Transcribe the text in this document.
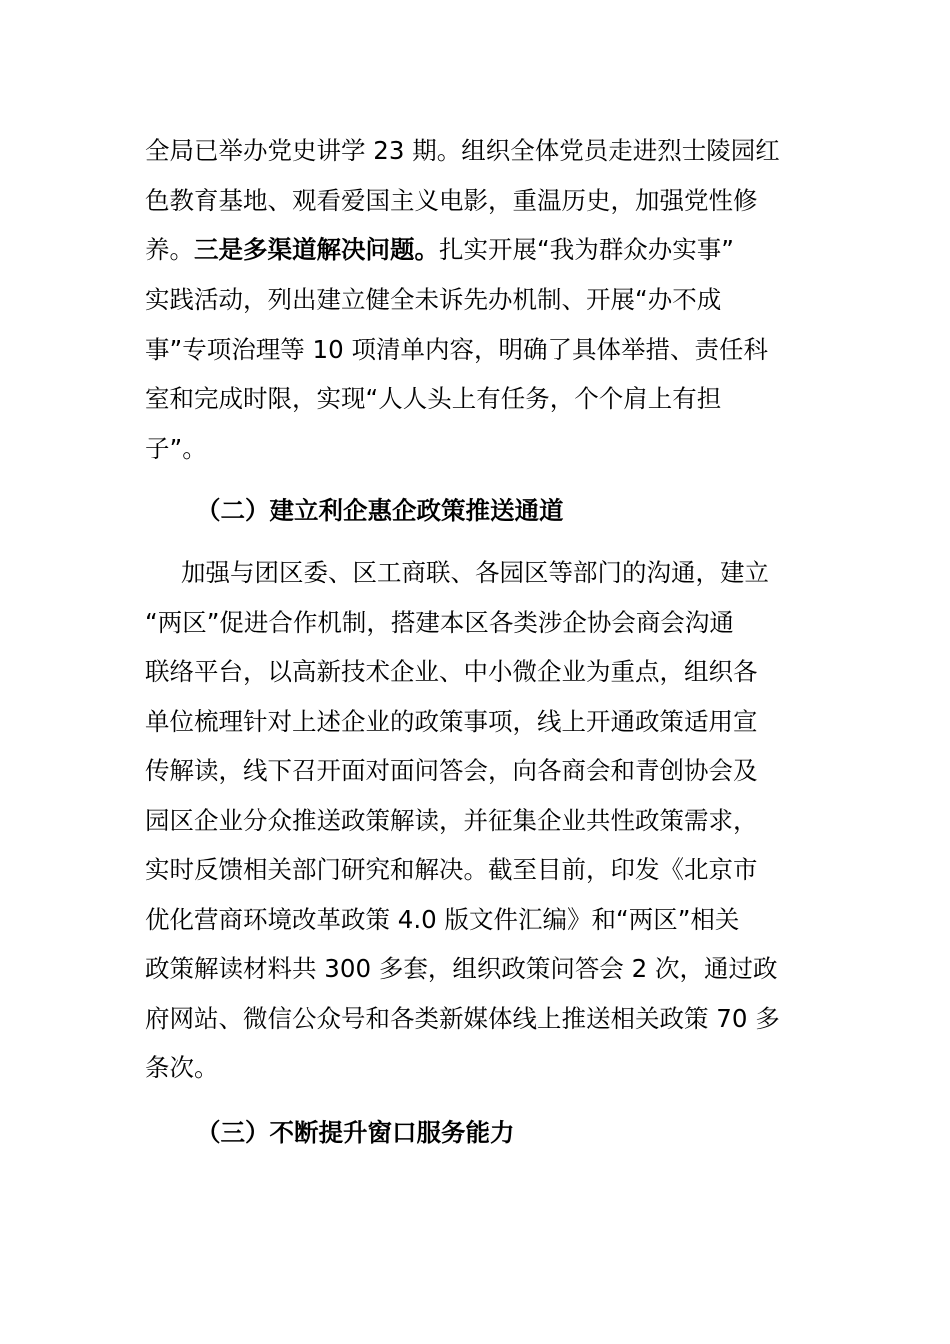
全局已举办党史讲学 23 期。组织全体党员走进烈士陵园红
色教育基地、观看爱国主义电影，重温历史，加强党性修
养。三是多渠道解决问题。扎实开展“我为群众办实事”
实践活动，列出建立健全未诉先办机制、开展“办不成
事”专项治理等 10 项清单内容，明确了具体举措、责任科
室和完成时限，实现“人人头上有任务，个个肩上有担
子”。
（二）建立利企惠企政策推送通道
加强与团区委、区工商联、各园区等部门的沟通，建立
“两区”促进合作机制，搭建本区各类涉企协会商会沟通
联络平台，以高新技术企业、中小微企业为重点，组织各
单位梳理针对上述企业的政策事项，线上开通政策适用宣
传解读，线下召开面对面问答会，向各商会和青创协会及
园区企业分众推送政策解读，并征集企业共性政策需求，
实时反馈相关部门研究和解决。截至目前，印发《北京市
优化营商环境改革政策 4.0 版文件汇编》和“两区”相关
政策解读材料共 300 多套，组织政策问答会 2 次，通过政
府网站、微信公众号和各类新媒体线上推送相关政策 70 多
条次。
（三）不断提升窗口服务能力
